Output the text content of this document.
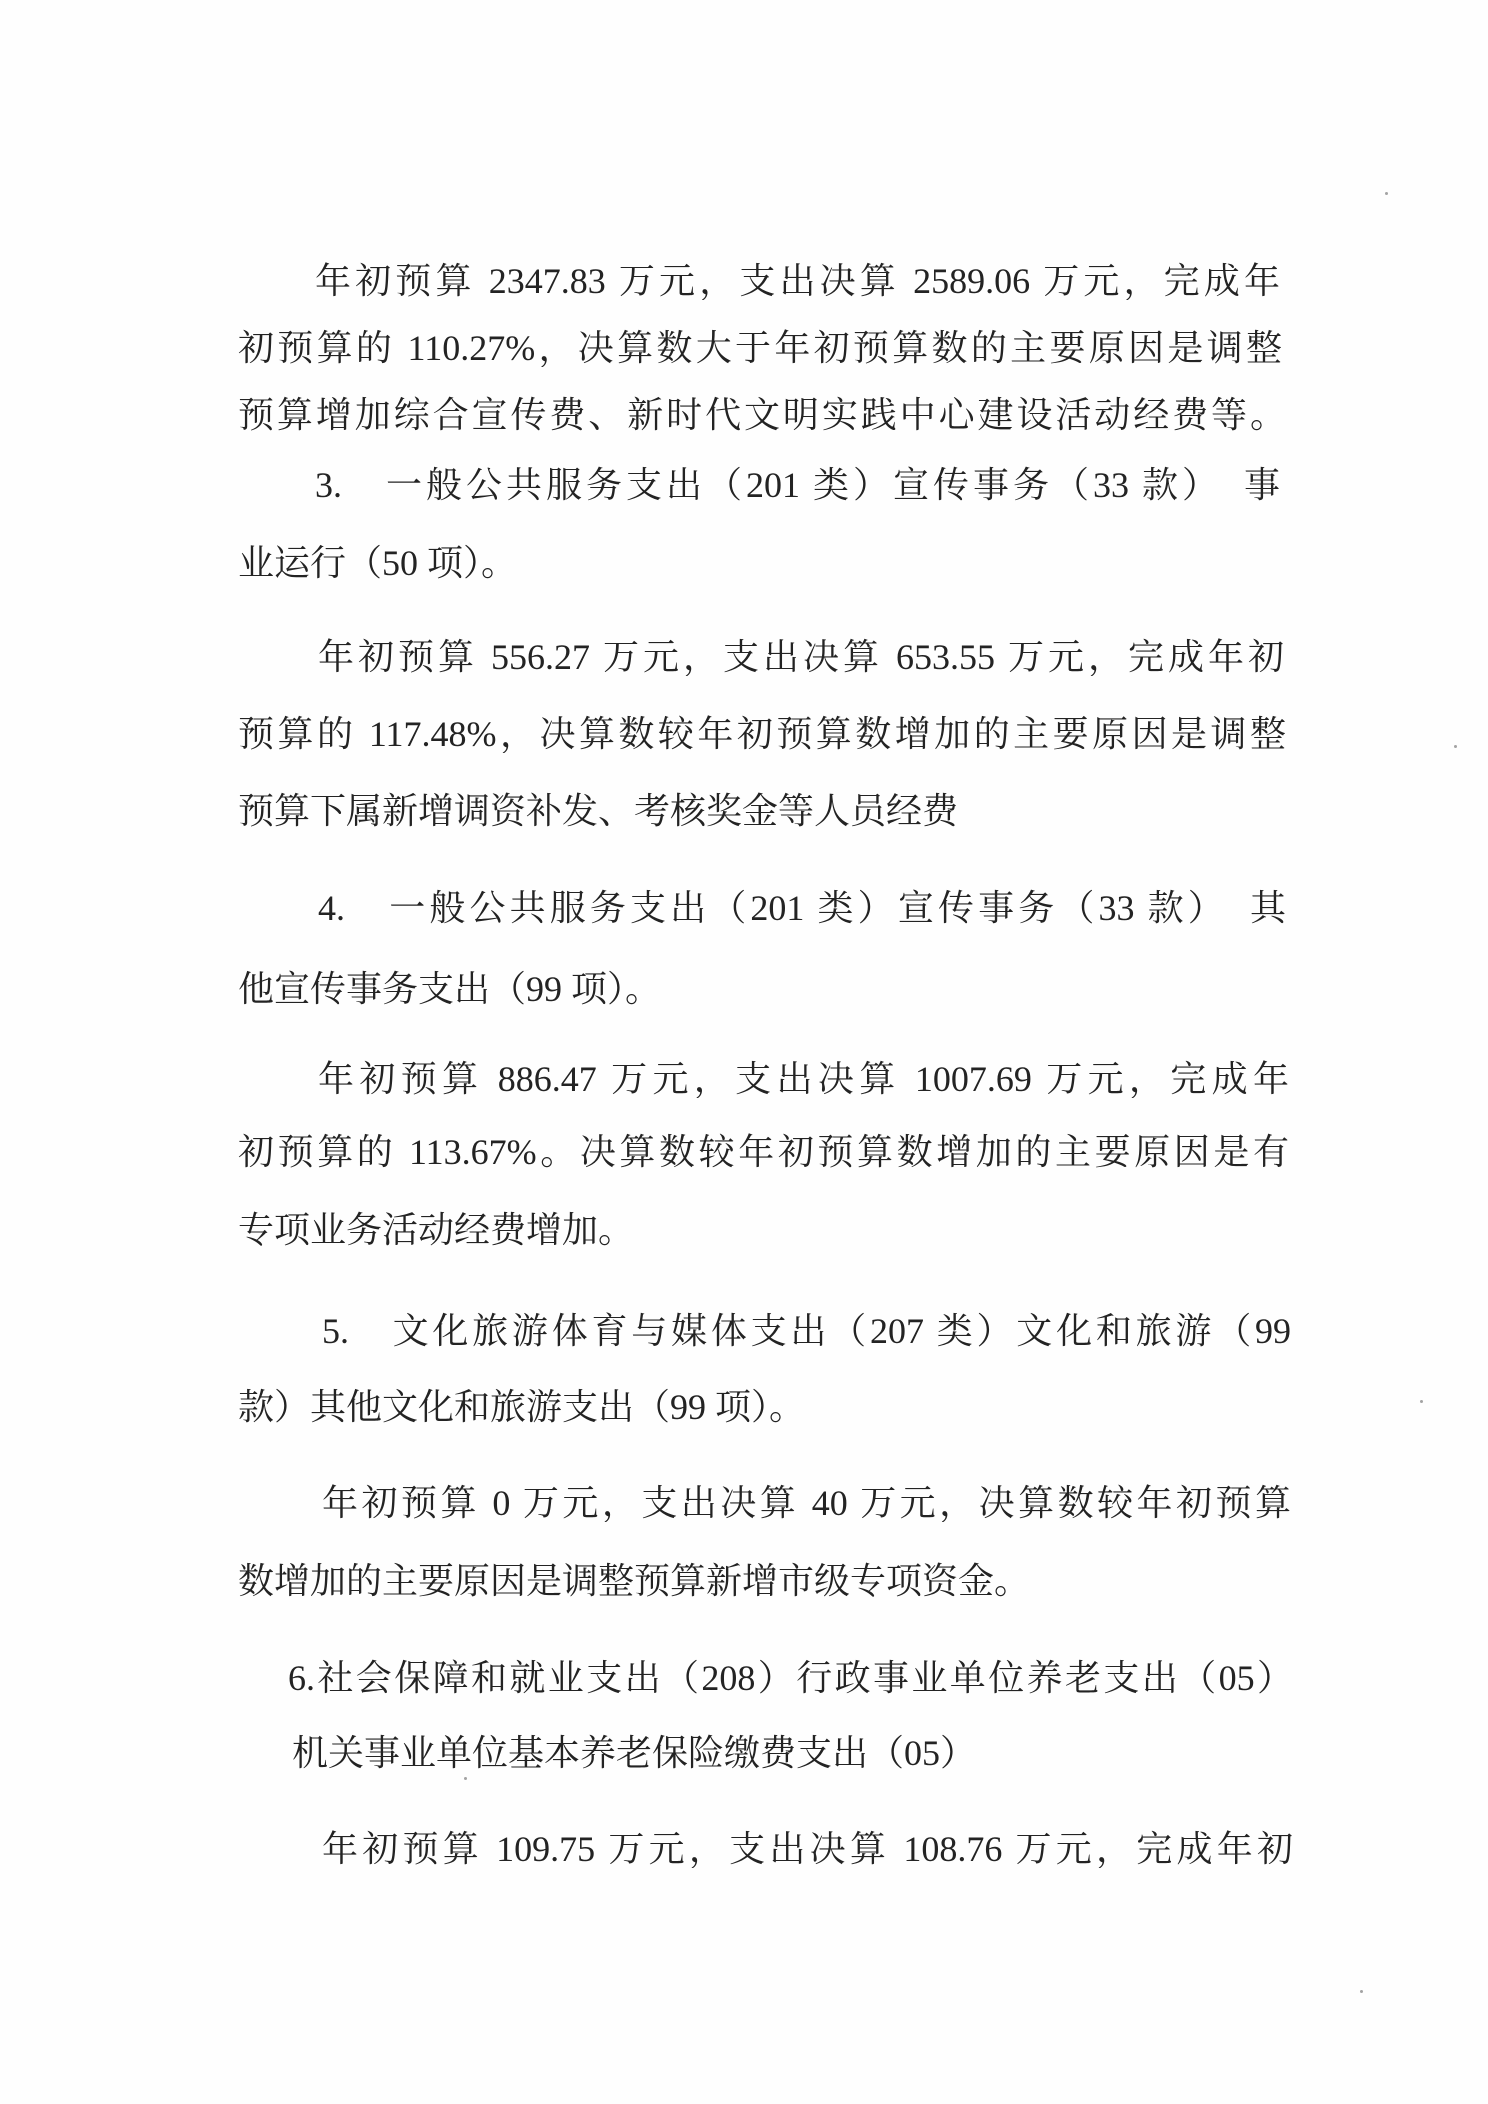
年初预算 2347.83 万元，支出决算 2589.06 万元，完成年
初预算的 110.27%，决算数大于年初预算数的主要原因是调整
预算增加综合宣传费、新时代文明实践中心建设活动经费等。
3.　一般公共服务支出（201 类）宣传事务（33 款）　事
业运行（50 项）。
年初预算 556.27 万元，支出决算 653.55 万元，完成年初
预算的 117.48%，决算数较年初预算数增加的主要原因是调整
预算下属新增调资补发、考核奖金等人员经费
4.　一般公共服务支出（201 类）宣传事务（33 款）　其
他宣传事务支出（99 项）。
年初预算 886.47 万元，支出决算 1007.69 万元，完成年
初预算的 113.67%。决算数较年初预算数增加的主要原因是有
专项业务活动经费增加。
5.　文化旅游体育与媒体支出（207 类）文化和旅游（99
款）其他文化和旅游支出（99 项）。
年初预算 0 万元，支出决算 40 万元，决算数较年初预算
数增加的主要原因是调整预算新增市级专项资金。
6.社会保障和就业支出（208）行政事业单位养老支出（05）
机关事业单位基本养老保险缴费支出（05）
年初预算 109.75 万元，支出决算 108.76 万元，完成年初
